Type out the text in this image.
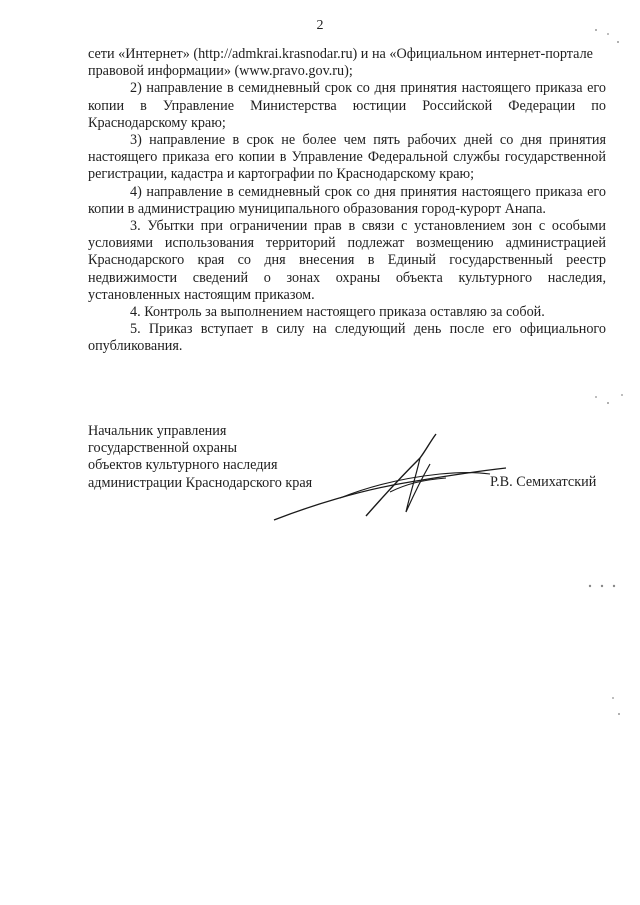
2

сети «Интернет» (http://admkrai.krasnodar.ru) и на «Официальном интернет-портале правовой информации» (www.pravo.gov.ru);

2) направление в семидневный срок со дня принятия настоящего приказа его копии в Управление Министерства юстиции Российской Федерации по Краснодарскому краю;

3) направление в срок не более чем пять рабочих дней со дня принятия настоящего приказа его копии в Управление Федеральной службы государственной регистрации, кадастра и картографии по Краснодарскому краю;

4) направление в семидневный срок со дня принятия настоящего приказа его копии в администрацию муниципального образования город-курорт Анапа.

3. Убытки при ограничении прав в связи с установлением зон с особыми условиями использования территорий подлежат возмещению администрацией Краснодарского края со дня внесения в Единый государственный реестр недвижимости сведений о зонах охраны объекта культурного наследия, установленных настоящим приказом.

4. Контроль за выполнением настоящего приказа оставляю за собой.

5. Приказ вступает в силу на следующий день после его официального опубликования.

Начальник управления
государственной охраны
объектов культурного наследия
администрации Краснодарского края	Р.В. Семихатский
